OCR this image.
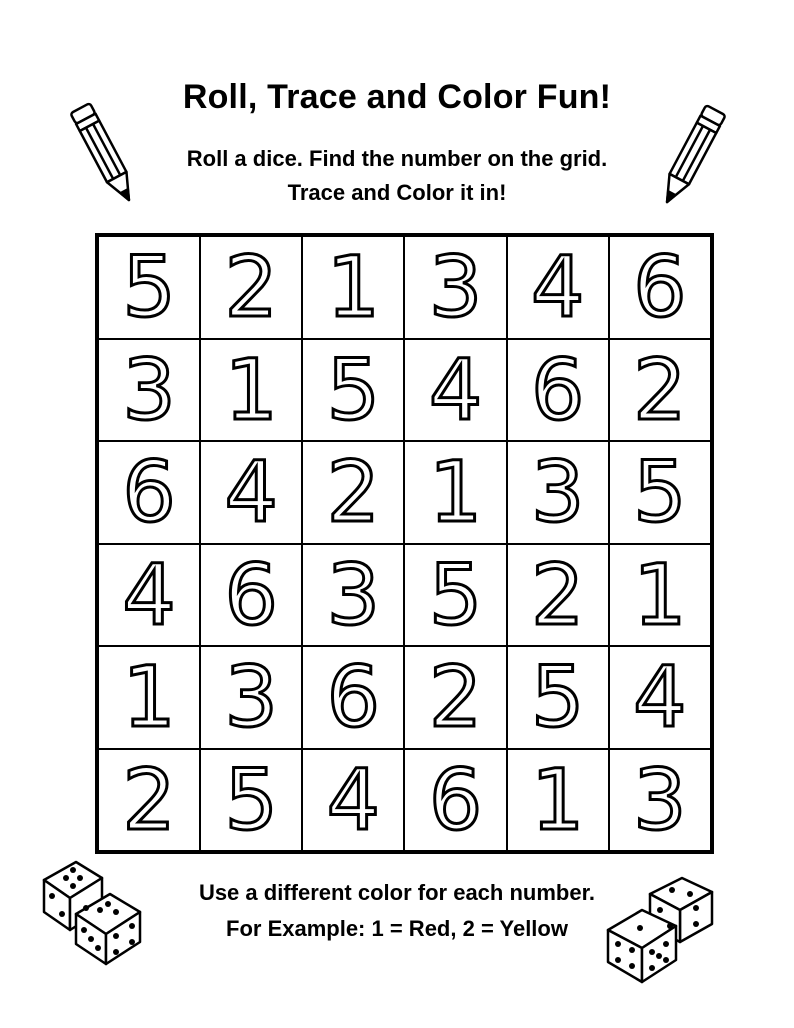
Roll, Trace and Color Fun!
Roll a dice. Find the number on the grid.
Trace and Color it in!
5 2 1 3 4 6
3 1 5 4 6 2
6 4 2 1 3 5
4 6 3 5 2 1
1 3 6 2 5 4
2 5 4 6 1 3
Use a different color for each number.
For Example: 1 = Red, 2 = Yellow
